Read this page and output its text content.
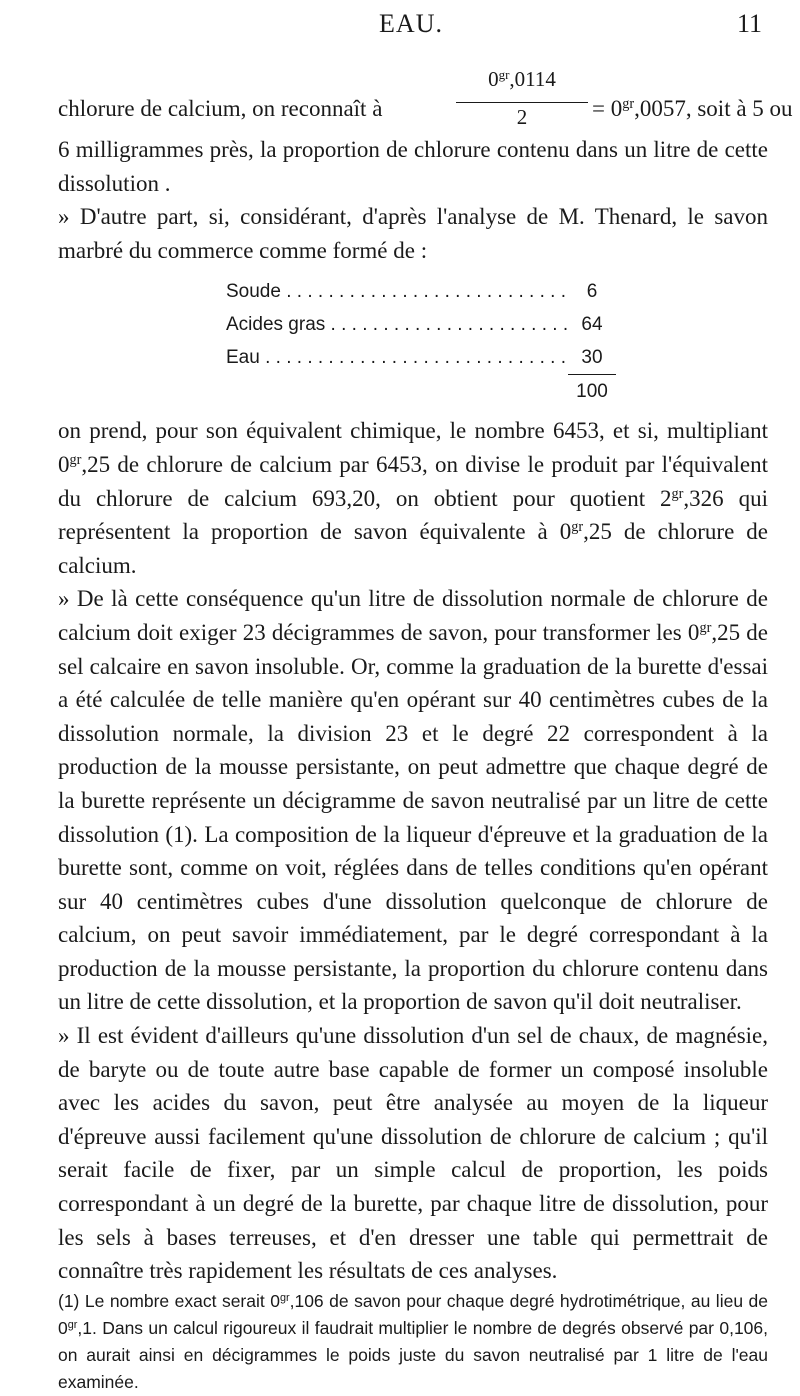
EAU.	11
chlorure de calcium, on reconnaît à
$0^{gr},0114$
2	= $0^{gr},0057$, soit à 5 ou

6 milligrammes près, la proportion de chlorure contenu dans un litre de cette dissolution .

» D'autre part, si, considérant, d'après l'analyse de M. Thenard, le savon marbré du commerce comme formé de :

Soude . . .	6
Acides gras . . .	64
Eau . . .	30
100

on prend, pour son équivalent chimique, le nombre 6453, et si, multipliant $0^{gr},25$ de chlorure de calcium par 6453, on divise le produit par l'équivalent du chlorure de calcium 693,20, on obtient pour quotient $2^{gr},326$ qui représentent la proportion de savon équivalente à $0^{gr},25$ de chlorure de calcium.

» De là cette conséquence qu'un litre de dissolution normale de chlorure de calcium doit exiger 23 décigrammes de savon, pour transformer les $0^{gr},25$ de sel calcaire en savon insoluble. Or, comme la graduation de la burette d'essai a été calculée de telle manière qu'en opérant sur 40 centimètres cubes de la dissolution normale, la division 23 et le degré 22 correspondent à la production de la mousse persistante, on peut admettre que chaque degré de la burette représente un décigramme de savon neutralisé par un litre de cette dissolution (1). La composition de la liqueur d'épreuve et la graduation de la burette sont, comme on voit, réglées dans de telles conditions qu'en opérant sur 40 centimètres cubes d'une dissolution quelconque de chlorure de calcium, on peut savoir immédiatement, par le degré correspondant à la production de la mousse persistante, la proportion du chlorure contenu dans un litre de cette dissolution, et la proportion de savon qu'il doit neutraliser.

» Il est évident d'ailleurs qu'une dissolution d'un sel de chaux, de magnésie, de baryte ou de toute autre base capable de former un composé insoluble avec les acides du savon, peut être analysée au moyen de la liqueur d'épreuve aussi facilement qu'une dissolution de chlorure de calcium ; qu'il serait facile de fixer, par un simple calcul de proportion, les poids correspondant à un degré de la burette, par chaque litre de dissolution, pour les sels à bases terreuses, et d'en dresser une table qui permettrait de connaître très rapidement les résultats de ces analyses.

(1) Le nombre exact serait $0^{gr},106$ de savon pour chaque degré hydrotimétrique, au lieu de $0^{gr},1$. Dans un calcul rigoureux il faudrait multiplier le nombre de degrés observé par 0,106, on aurait ainsi en décigrammes le poids juste du savon neutralisé par 1 litre de l'eau examinée.
